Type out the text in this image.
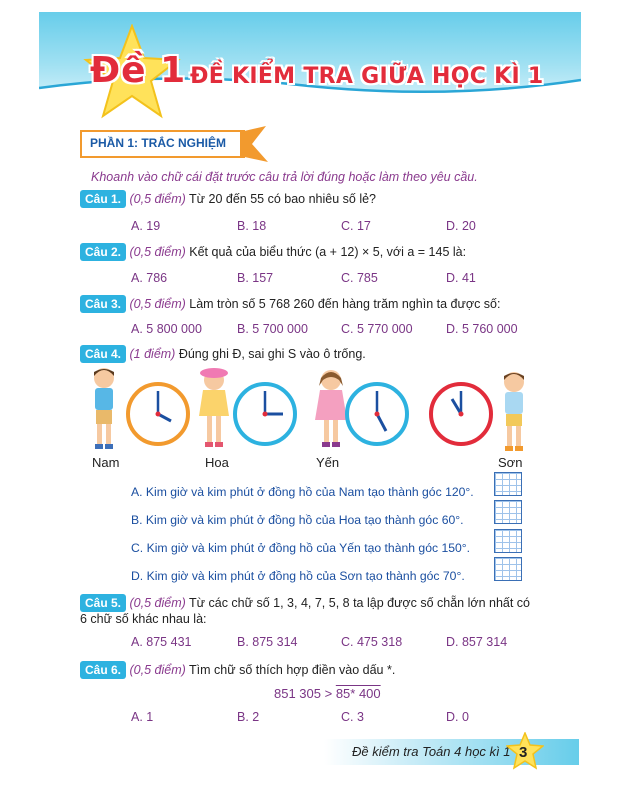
Đề 1 ĐỀ KIỂM TRA GIỮA HỌC KÌ 1
PHẦN 1: TRẮC NGHIỆM
Khoanh vào chữ cái đặt trước câu trả lời đúng hoặc làm theo yêu cầu.
Câu 1. (0,5 điểm) Từ 20 đến 55 có bao nhiêu số lẻ?
A. 19	B. 18	C. 17	D. 20
Câu 2. (0,5 điểm) Kết quả của biểu thức (a + 12) × 5, với a = 145 là:
A. 786	B. 157	C. 785	D. 41
Câu 3. (0,5 điểm) Làm tròn số 5 768 260 đến hàng trăm nghìn ta được số:
A. 5 800 000	B. 5 700 000	C. 5 770 000	D. 5 760 000
Câu 4. (1 điểm) Đúng ghi Đ, sai ghi S vào ô trống.
Nam	Hoa	Yến	Sơn
A. Kim giờ và kim phút ở đồng hồ của Nam tạo thành góc 120°.
B. Kim giờ và kim phút ở đồng hồ của Hoa tạo thành góc 60°.
C. Kim giờ và kim phút ở đồng hồ của Yến tạo thành góc 150°.
D. Kim giờ và kim phút ở đồng hồ của Sơn tạo thành góc 70°.
Câu 5. (0,5 điểm) Từ các chữ số 1, 3, 4, 7, 5, 8 ta lập được số chẵn lớn nhất có
6 chữ số khác nhau là:
A. 875 431	B. 875 314	C. 475 318	D. 857 314
Câu 6. (0,5 điểm) Tìm chữ số thích hợp điền vào dấu *.
851 305 > 85* 400
A. 1	B. 2	C. 3	D. 0
Đề kiểm tra Toán 4 học kì 1 3
